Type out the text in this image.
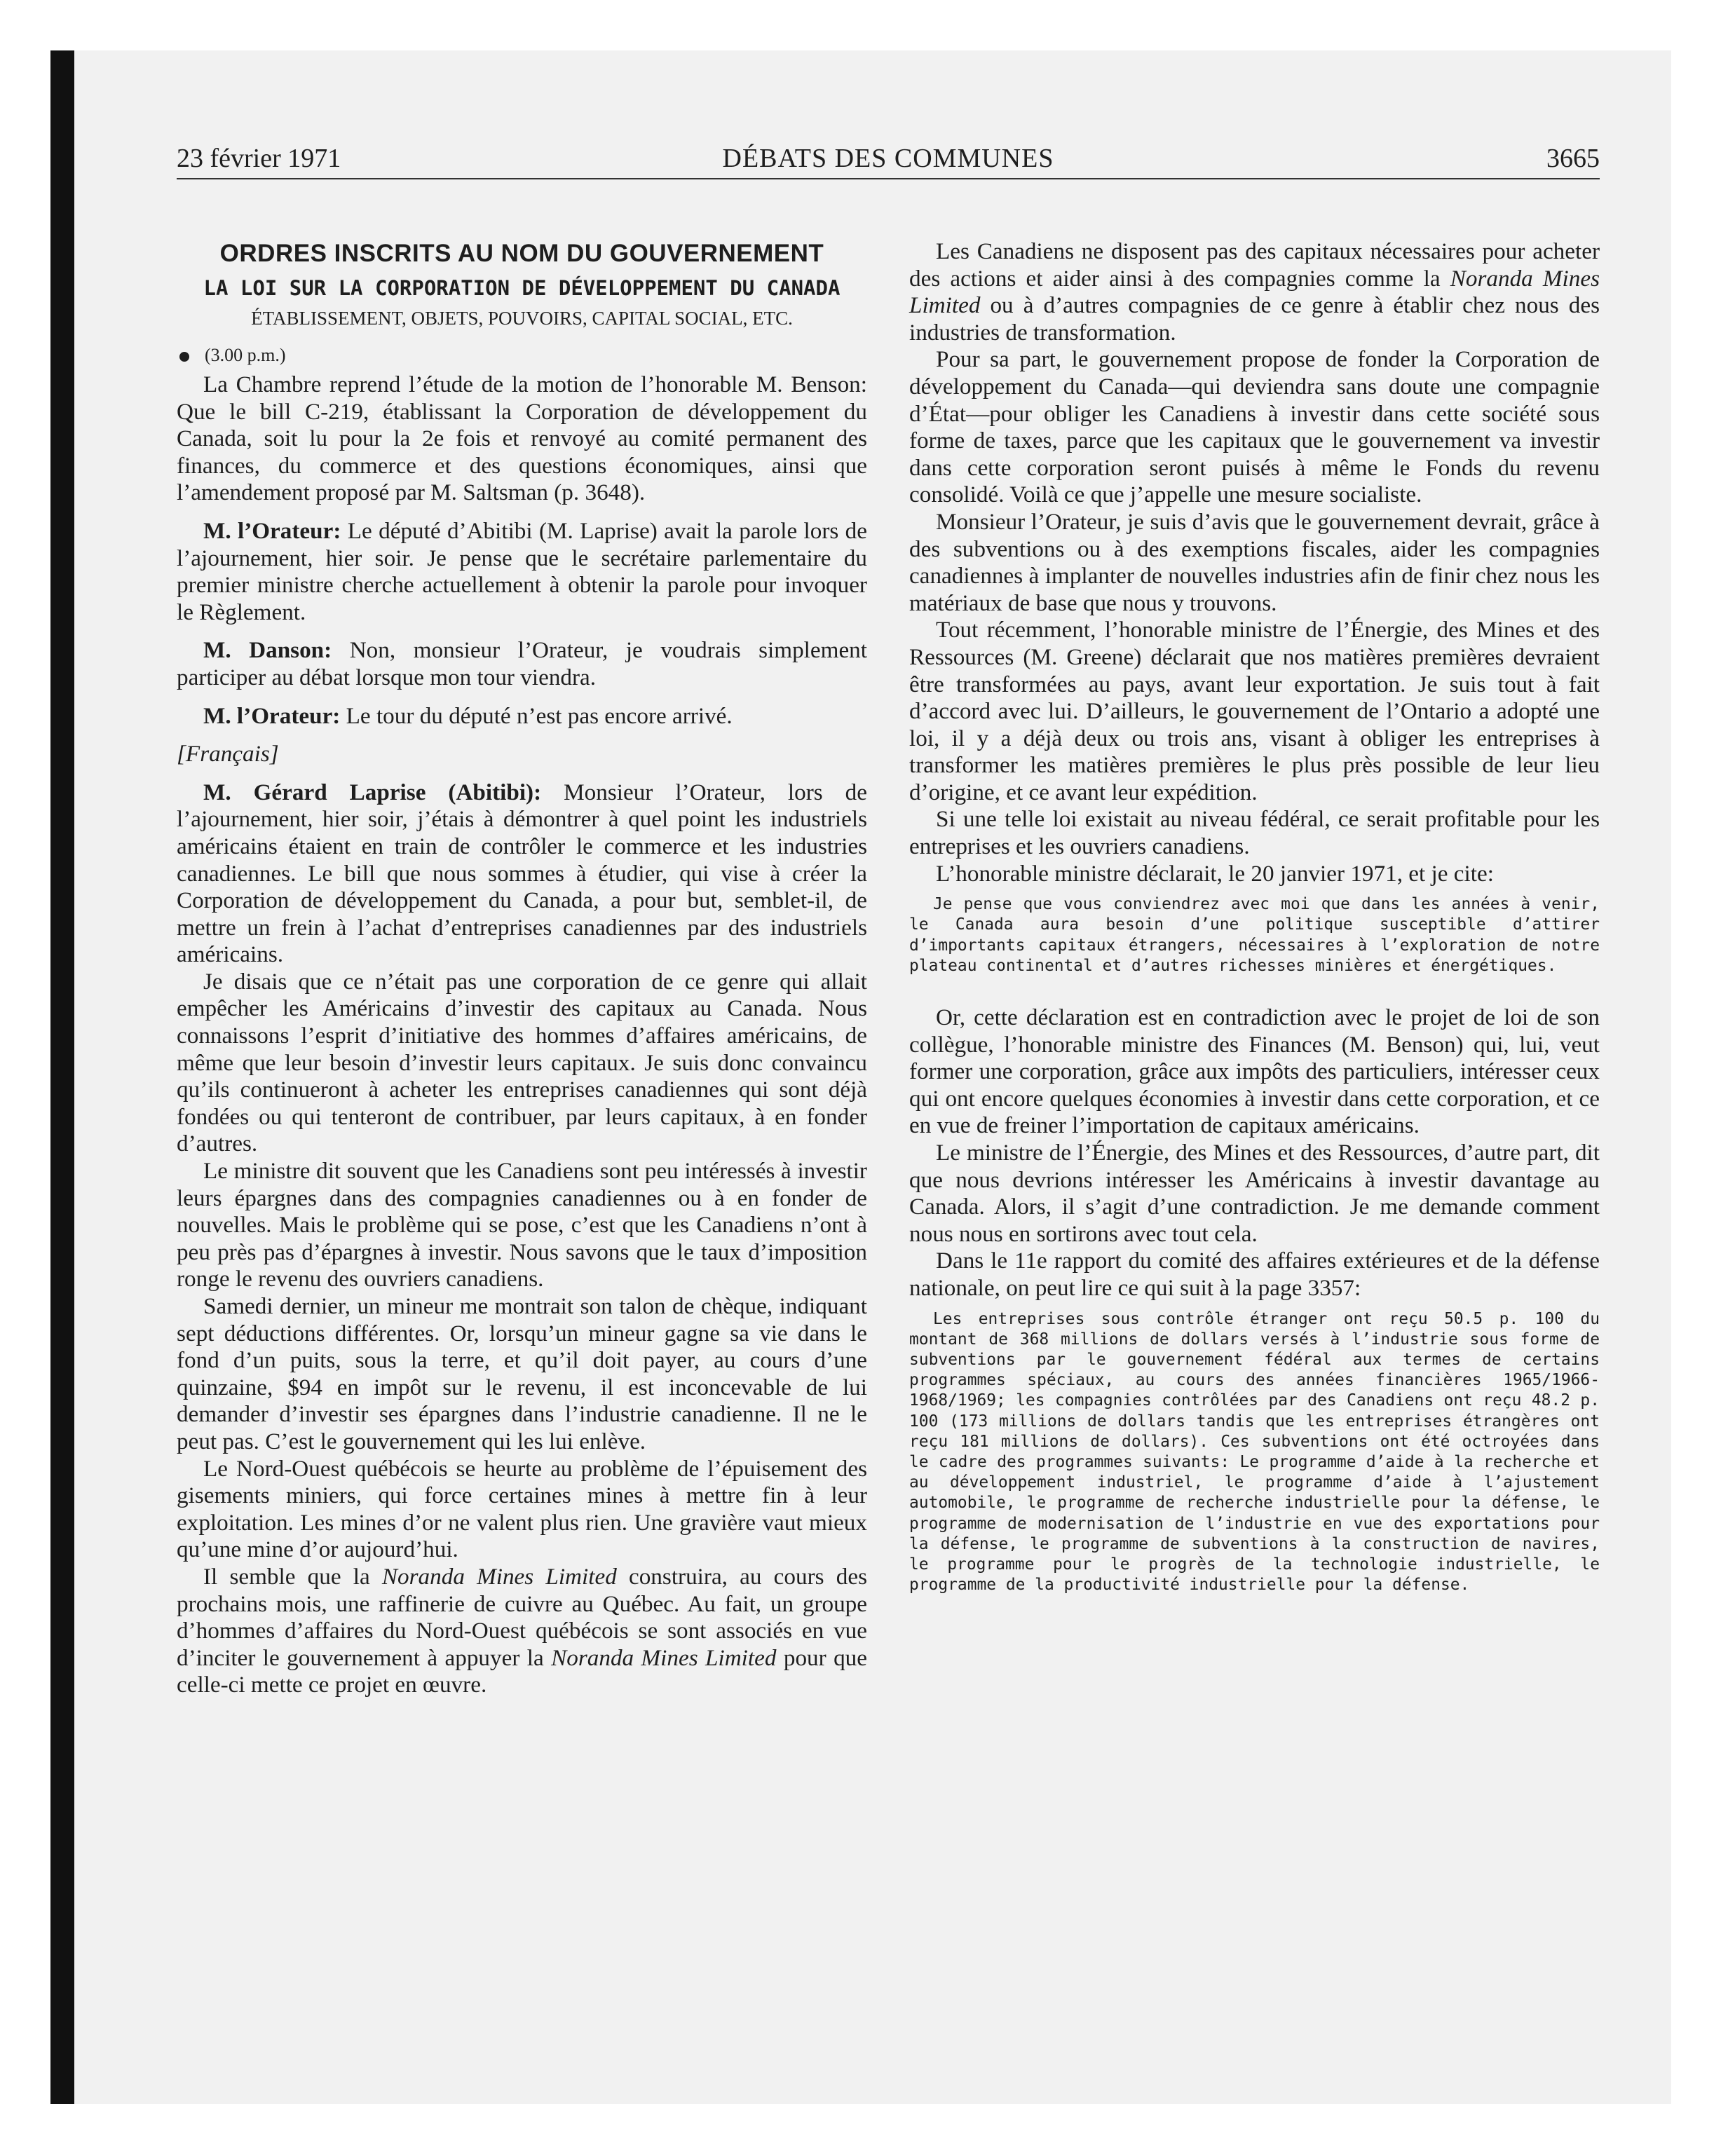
23 février 1971	DÉBATS DES COMMUNES	3665
ORDRES INSCRITS AU NOM DU GOUVERNEMENT
LA LOI SUR LA CORPORATION DE DÉVELOPPEMENT DU CANADA
ÉTABLISSEMENT, OBJETS, POUVOIRS, CAPITAL SOCIAL, ETC.
(3.00 p.m.)

La Chambre reprend l’étude de la motion de l’honorable M. Benson: Que le bill C-219, établissant la Corporation de développement du Canada, soit lu pour la 2e fois et renvoyé au comité permanent des finances, du commerce et des questions économiques, ainsi que l’amendement proposé par M. Saltsman (p. 3648).

M. l’Orateur: Le député d’Abitibi (M. Laprise) avait la parole lors de l’ajournement, hier soir. Je pense que le secrétaire parlementaire du premier ministre cherche actuellement à obtenir la parole pour invoquer le Règlement.

M. Danson: Non, monsieur l’Orateur, je voudrais simplement participer au débat lorsque mon tour viendra.

M. l’Orateur: Le tour du député n’est pas encore arrivé.

[Français]

M. Gérard Laprise (Abitibi): Monsieur l’Orateur, lors de l’ajournement, hier soir, j’étais à démontrer à quel point les industriels américains étaient en train de contrôler le commerce et les industries canadiennes. Le bill que nous sommes à étudier, qui vise à créer la Corporation de développement du Canada, a pour but, semblet-il, de mettre un frein à l’achat d’entreprises canadiennes par des industriels américains.

Je disais que ce n’était pas une corporation de ce genre qui allait empêcher les Américains d’investir des capitaux au Canada. Nous connaissons l’esprit d’initiative des hommes d’affaires américains, de même que leur besoin d’investir leurs capitaux. Je suis donc convaincu qu’ils continueront à acheter les entreprises canadiennes qui sont déjà fondées ou qui tenteront de contribuer, par leurs capitaux, à en fonder d’autres.

Le ministre dit souvent que les Canadiens sont peu intéressés à investir leurs épargnes dans des compagnies canadiennes ou à en fonder de nouvelles. Mais le problème qui se pose, c’est que les Canadiens n’ont à peu près pas d’épargnes à investir. Nous savons que le taux d’imposition ronge le revenu des ouvriers canadiens.

Samedi dernier, un mineur me montrait son talon de chèque, indiquant sept déductions différentes. Or, lorsqu’un mineur gagne sa vie dans le fond d’un puits, sous la terre, et qu’il doit payer, au cours d’une quinzaine, $94 en impôt sur le revenu, il est inconcevable de lui demander d’investir ses épargnes dans l’industrie canadienne. Il ne le peut pas. C’est le gouvernement qui les lui enlève.

Le Nord-Ouest québécois se heurte au problème de l’épuisement des gisements miniers, qui force certaines mines à mettre fin à leur exploitation. Les mines d’or ne valent plus rien. Une gravière vaut mieux qu’une mine d’or aujourd’hui.

Il semble que la Noranda Mines Limited construira, au cours des prochains mois, une raffinerie de cuivre au Québec. Au fait, un groupe d’hommes d’affaires du Nord-Ouest québécois se sont associés en vue d’inciter le gouvernement à appuyer la Noranda Mines Limited pour que celle-ci mette ce projet en œuvre.

Les Canadiens ne disposent pas des capitaux nécessaires pour acheter des actions et aider ainsi à des compagnies comme la Noranda Mines Limited ou à d’autres compagnies de ce genre à établir chez nous des industries de transformation.

Pour sa part, le gouvernement propose de fonder la Corporation de développement du Canada—qui deviendra sans doute une compagnie d’État—pour obliger les Canadiens à investir dans cette société sous forme de taxes, parce que les capitaux que le gouvernement va investir dans cette corporation seront puisés à même le Fonds du revenu consolidé. Voilà ce que j’appelle une mesure socialiste.

Monsieur l’Orateur, je suis d’avis que le gouvernement devrait, grâce à des subventions ou à des exemptions fiscales, aider les compagnies canadiennes à implanter de nouvelles industries afin de finir chez nous les matériaux de base que nous y trouvons.

Tout récemment, l’honorable ministre de l’Énergie, des Mines et des Ressources (M. Greene) déclarait que nos matières premières devraient être transformées au pays, avant leur exportation. Je suis tout à fait d’accord avec lui. D’ailleurs, le gouvernement de l’Ontario a adopté une loi, il y a déjà deux ou trois ans, visant à obliger les entreprises à transformer les matières premières le plus près possible de leur lieu d’origine, et ce avant leur expédition.

Si une telle loi existait au niveau fédéral, ce serait profitable pour les entreprises et les ouvriers canadiens.

L’honorable ministre déclarait, le 20 janvier 1971, et je cite:

Je pense que vous conviendrez avec moi que dans les années à venir, le Canada aura besoin d’une politique susceptible d’attirer d’importants capitaux étrangers, nécessaires à l’exploration de notre plateau continental et d’autres richesses minières et énergétiques.

Or, cette déclaration est en contradiction avec le projet de loi de son collègue, l’honorable ministre des Finances (M. Benson) qui, lui, veut former une corporation, grâce aux impôts des particuliers, intéresser ceux qui ont encore quelques économies à investir dans cette corporation, et ce en vue de freiner l’importation de capitaux américains.

Le ministre de l’Énergie, des Mines et des Ressources, d’autre part, dit que nous devrions intéresser les Américains à investir davantage au Canada. Alors, il s’agit d’une contradiction. Je me demande comment nous nous en sortirons avec tout cela.

Dans le 11e rapport du comité des affaires extérieures et de la défense nationale, on peut lire ce qui suit à la page 3357:

Les entreprises sous contrôle étranger ont reçu 50.5 p. 100 du montant de 368 millions de dollars versés à l’industrie sous forme de subventions par le gouvernement fédéral aux termes de certains programmes spéciaux, au cours des années financières 1965/1966-1968/1969; les compagnies contrôlées par des Canadiens ont reçu 48.2 p. 100 (173 millions de dollars tandis que les entreprises étrangères ont reçu 181 millions de dollars). Ces subventions ont été octroyées dans le cadre des programmes suivants: Le programme d’aide à la recherche et au développement industriel, le programme d’aide à l’ajustement automobile, le programme de recherche industrielle pour la défense, le programme de modernisation de l’industrie en vue des exportations pour la défense, le programme de subventions à la construction de navires, le programme pour le progrès de la technologie industrielle, le programme de la productivité industrielle pour la défense.
